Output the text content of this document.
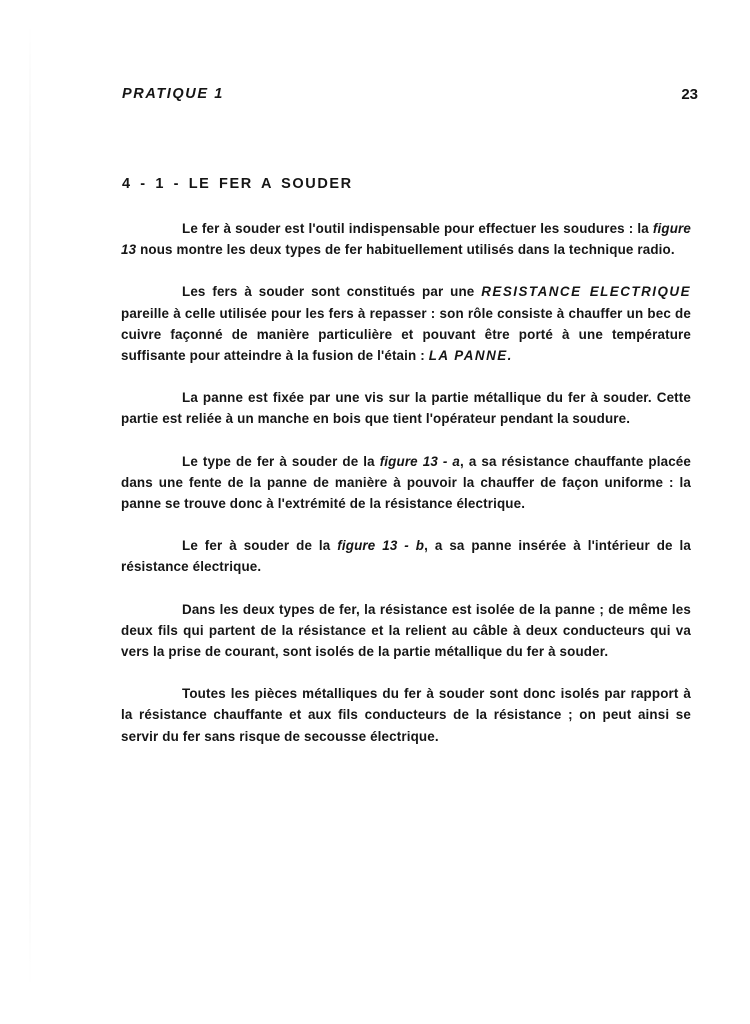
PRATIQUE 1	23
4 - 1 - LE FER A SOUDER

Le fer à souder est l'outil indispensable pour effectuer les soudures : la figure 13 nous montre les deux types de fer habituellement utilisés dans la technique radio.

Les fers à souder sont constitués par une RESISTANCE ELECTRIQUE pareille à celle utilisée pour les fers à repasser : son rôle consiste à chauffer un bec de cuivre façonné de manière particulière et pouvant être porté à une température suffisante pour atteindre à la fusion de l'étain : LA PANNE.

La panne est fixée par une vis sur la partie métallique du fer à souder. Cette partie est reliée à un manche en bois que tient l'opérateur pendant la soudure.

Le type de fer à souder de la figure 13 - a, a sa résistance chauffante placée dans une fente de la panne de manière à pouvoir la chauffer de façon uniforme : la panne se trouve donc à l'extrémité de la résistance électrique.

Le fer à souder de la figure 13 - b, a sa panne insérée à l'intérieur de la résistance électrique.

Dans les deux types de fer, la résistance est isolée de la panne ; de même les deux fils qui partent de la résistance et la relient au câble à deux conducteurs qui va vers la prise de courant, sont isolés de la partie métallique du fer à souder.

Toutes les pièces métalliques du fer à souder sont donc isolés par rapport à la résistance chauffante et aux fils conducteurs de la résistance ; on peut ainsi se servir du fer sans risque de secousse électrique.
